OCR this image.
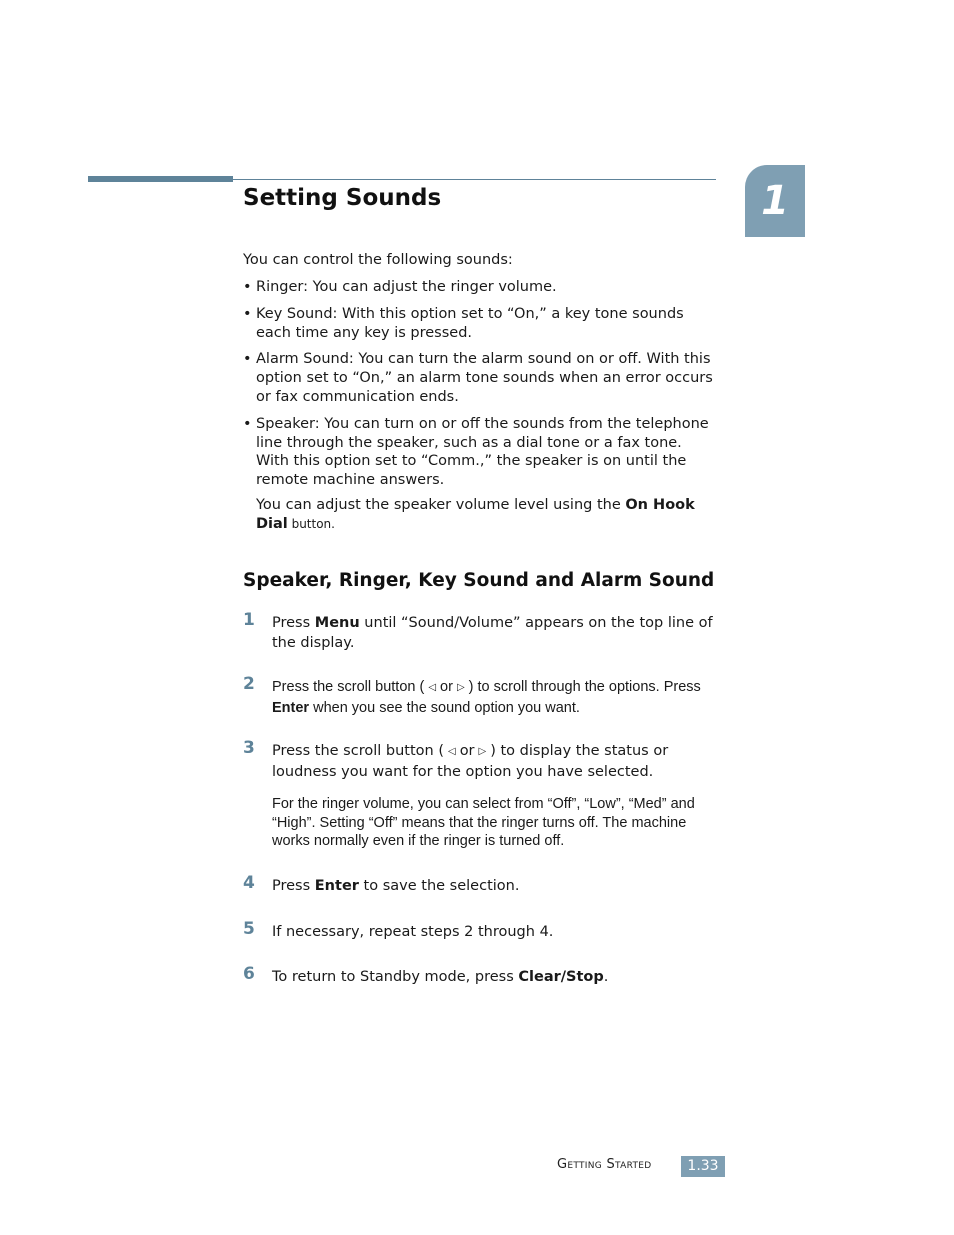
1
Setting Sounds

You can control the following sounds:

• Ringer: You can adjust the ringer volume.
• Key Sound: With this option set to “On,” a key tone sounds each time any key is pressed.
• Alarm Sound: You can turn the alarm sound on or off. With this option set to “On,” an alarm tone sounds when an error occurs or fax communication ends.
• Speaker: You can turn on or off the sounds from the telephone line through the speaker, such as a dial tone or a fax tone. With this option set to “Comm.,” the speaker is on until the remote machine answers.

You can adjust the speaker volume level using the On Hook Dial button.

Speaker, Ringer, Key Sound and Alarm Sound
1 Press Menu until “Sound/Volume” appears on the top line of the display.

2 Press the scroll button ( ◁ or ▷ ) to scroll through the options. Press Enter when you see the sound option you want.

3 Press the scroll button ( ◁ or ▷ ) to display the status or loudness you want for the option you have selected.

For the ringer volume, you can select from “Off”, “Low”, “Med” and “High”. Setting “Off” means that the ringer turns off. The machine works normally even if the ringer is turned off.

4 Press Enter to save the selection.

5 If necessary, repeat steps 2 through 4.

6 To return to Standby mode, press Clear/Stop.

Getting Started	1.33
